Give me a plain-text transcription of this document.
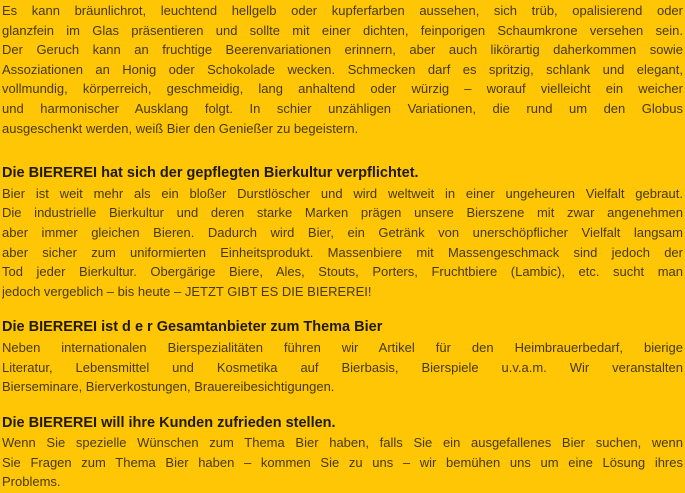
Es kann bräunlichrot, leuchtend hellgelb oder kupferfarben aussehen, sich trüb, opalisierend oder
glanzfein im Glas präsentieren und sollte mit einer dichten, feinporigen Schaumkrone versehen sein.
Der Geruch kann an fruchtige Beerenvariationen erinnern, aber auch likörartig daherkommen sowie
Assoziationen an Honig oder Schokolade wecken. Schmecken darf es spritzig, schlank und elegant,
vollmundig, körperreich, geschmeidig, lang anhaltend oder würzig – worauf vielleicht ein weicher
und harmonischer Ausklang folgt. In schier unzähligen Variationen, die rund um den Globus
ausgeschenkt werden, weiß Bier den Genießer zu begeistern.
Die BIEREREI hat sich der gepflegten Bierkultur verpflichtet.
Bier ist weit mehr als ein bloßer Durstlöscher und wird weltweit in einer ungeheuren Vielfalt gebraut.
Die industrielle Bierkultur und deren starke Marken prägen unsere Bierszene mit zwar angenehmen
aber immer gleichen Bieren. Dadurch wird Bier, ein Getränk von unerschöpflicher Vielfalt langsam
aber sicher zum uniformierten Einheitsprodukt. Massenbiere mit Massengeschmack sind jedoch der
Tod jeder Bierkultur. Obergärige Biere, Ales, Stouts, Porters, Fruchtbiere (Lambic), etc. sucht man
jedoch vergeblich – bis heute – JETZT GIBT ES DIE BIEREREI!
Die BIEREREI ist d e r Gesamtanbieter zum Thema Bier
Neben internationalen Bierspezialitäten führen wir Artikel für den Heimbrauerbedarf, bierige
Literatur, Lebensmittel und Kosmetika auf Bierbasis, Bierspiele u.v.a.m. Wir veranstalten
Bierseminare, Bierverkostungen, Brauereibesichtigungen.
Die BIEREREI will ihre Kunden zufrieden stellen.
Wenn Sie spezielle Wünschen zum Thema Bier haben, falls Sie ein ausgefallenes Bier suchen, wenn
Sie Fragen zum Thema Bier haben – kommen Sie zu uns – wir bemühen uns um eine Lösung ihres
Problems.
